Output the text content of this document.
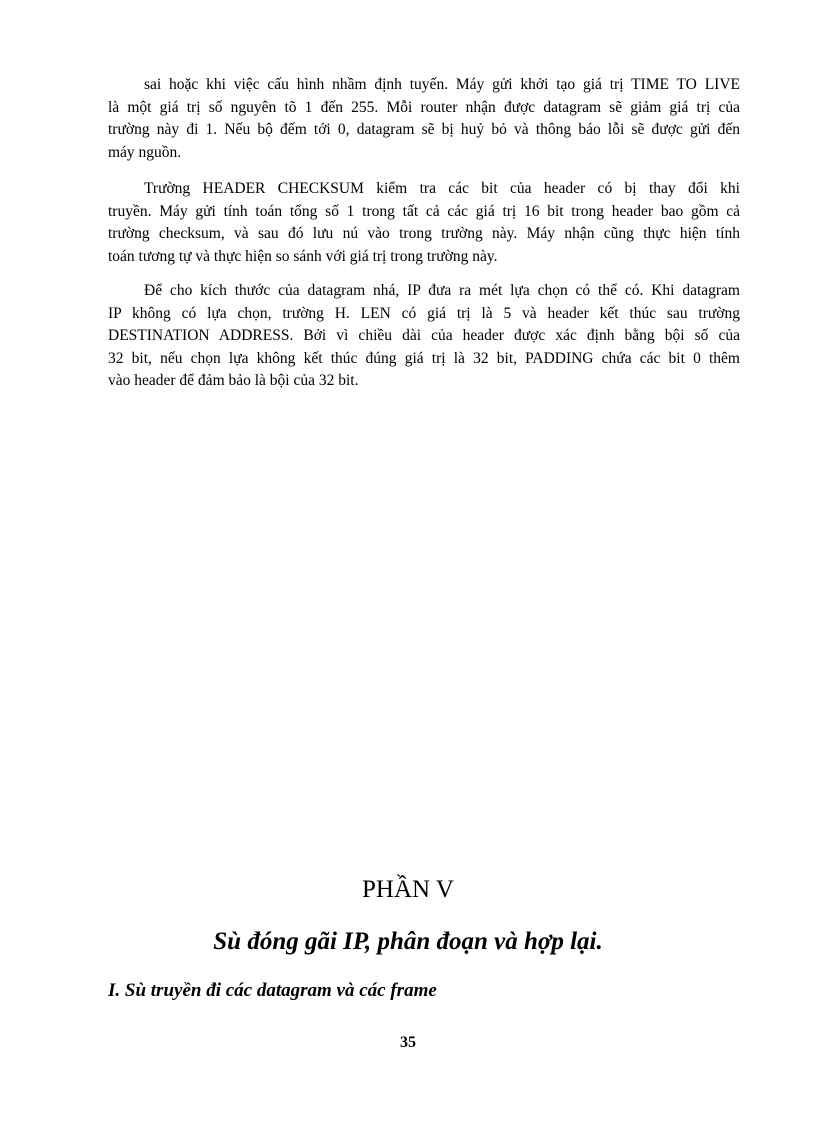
sai hoặc khi việc cấu hình nhầm định tuyến. Máy gửi khởi tạo giá trị TIME TO LIVE
là một giá trị số nguyên tõ 1 đến 255. Mỗi router nhận được datagram sẽ giảm giá trị của
trường này đi 1. Nếu bộ đếm tới 0, datagram sẽ bị huỷ bỏ và thông báo lỗi sẽ được gửi đến
máy nguồn.
Trường HEADER CHECKSUM kiểm tra các bit của header có bị thay đổi khi
truyền. Máy gửi tính toán tổng số 1 trong tất cả các giá trị 16 bit trong header bao gồm cả
trường checksum, và sau đó lưu nú vào trong trường này. Máy nhận cũng thực hiện tính
toán tương tự và thực hiện so sánh với giá trị trong trường này.
Để cho kích thước của datagram nhá, IP đưa ra mét lựa chọn có thể có. Khi datagram
IP không có lựa chọn, trường H. LEN có giá trị là 5 và header kết thúc sau trường
DESTINATION ADDRESS. Bởi vì chiều dài của header được xác định bằng bội số của
32 bit, nếu chọn lựa không kết thúc đúng giá trị là 32 bit, PADDING chứa các bit 0 thêm
vào header để đảm bảo là bội của 32 bit.
PHẦN V
Sù đóng gãi IP, phân đoạn và hợp lại.
I. Sù truyền đi các datagram và các frame
35
